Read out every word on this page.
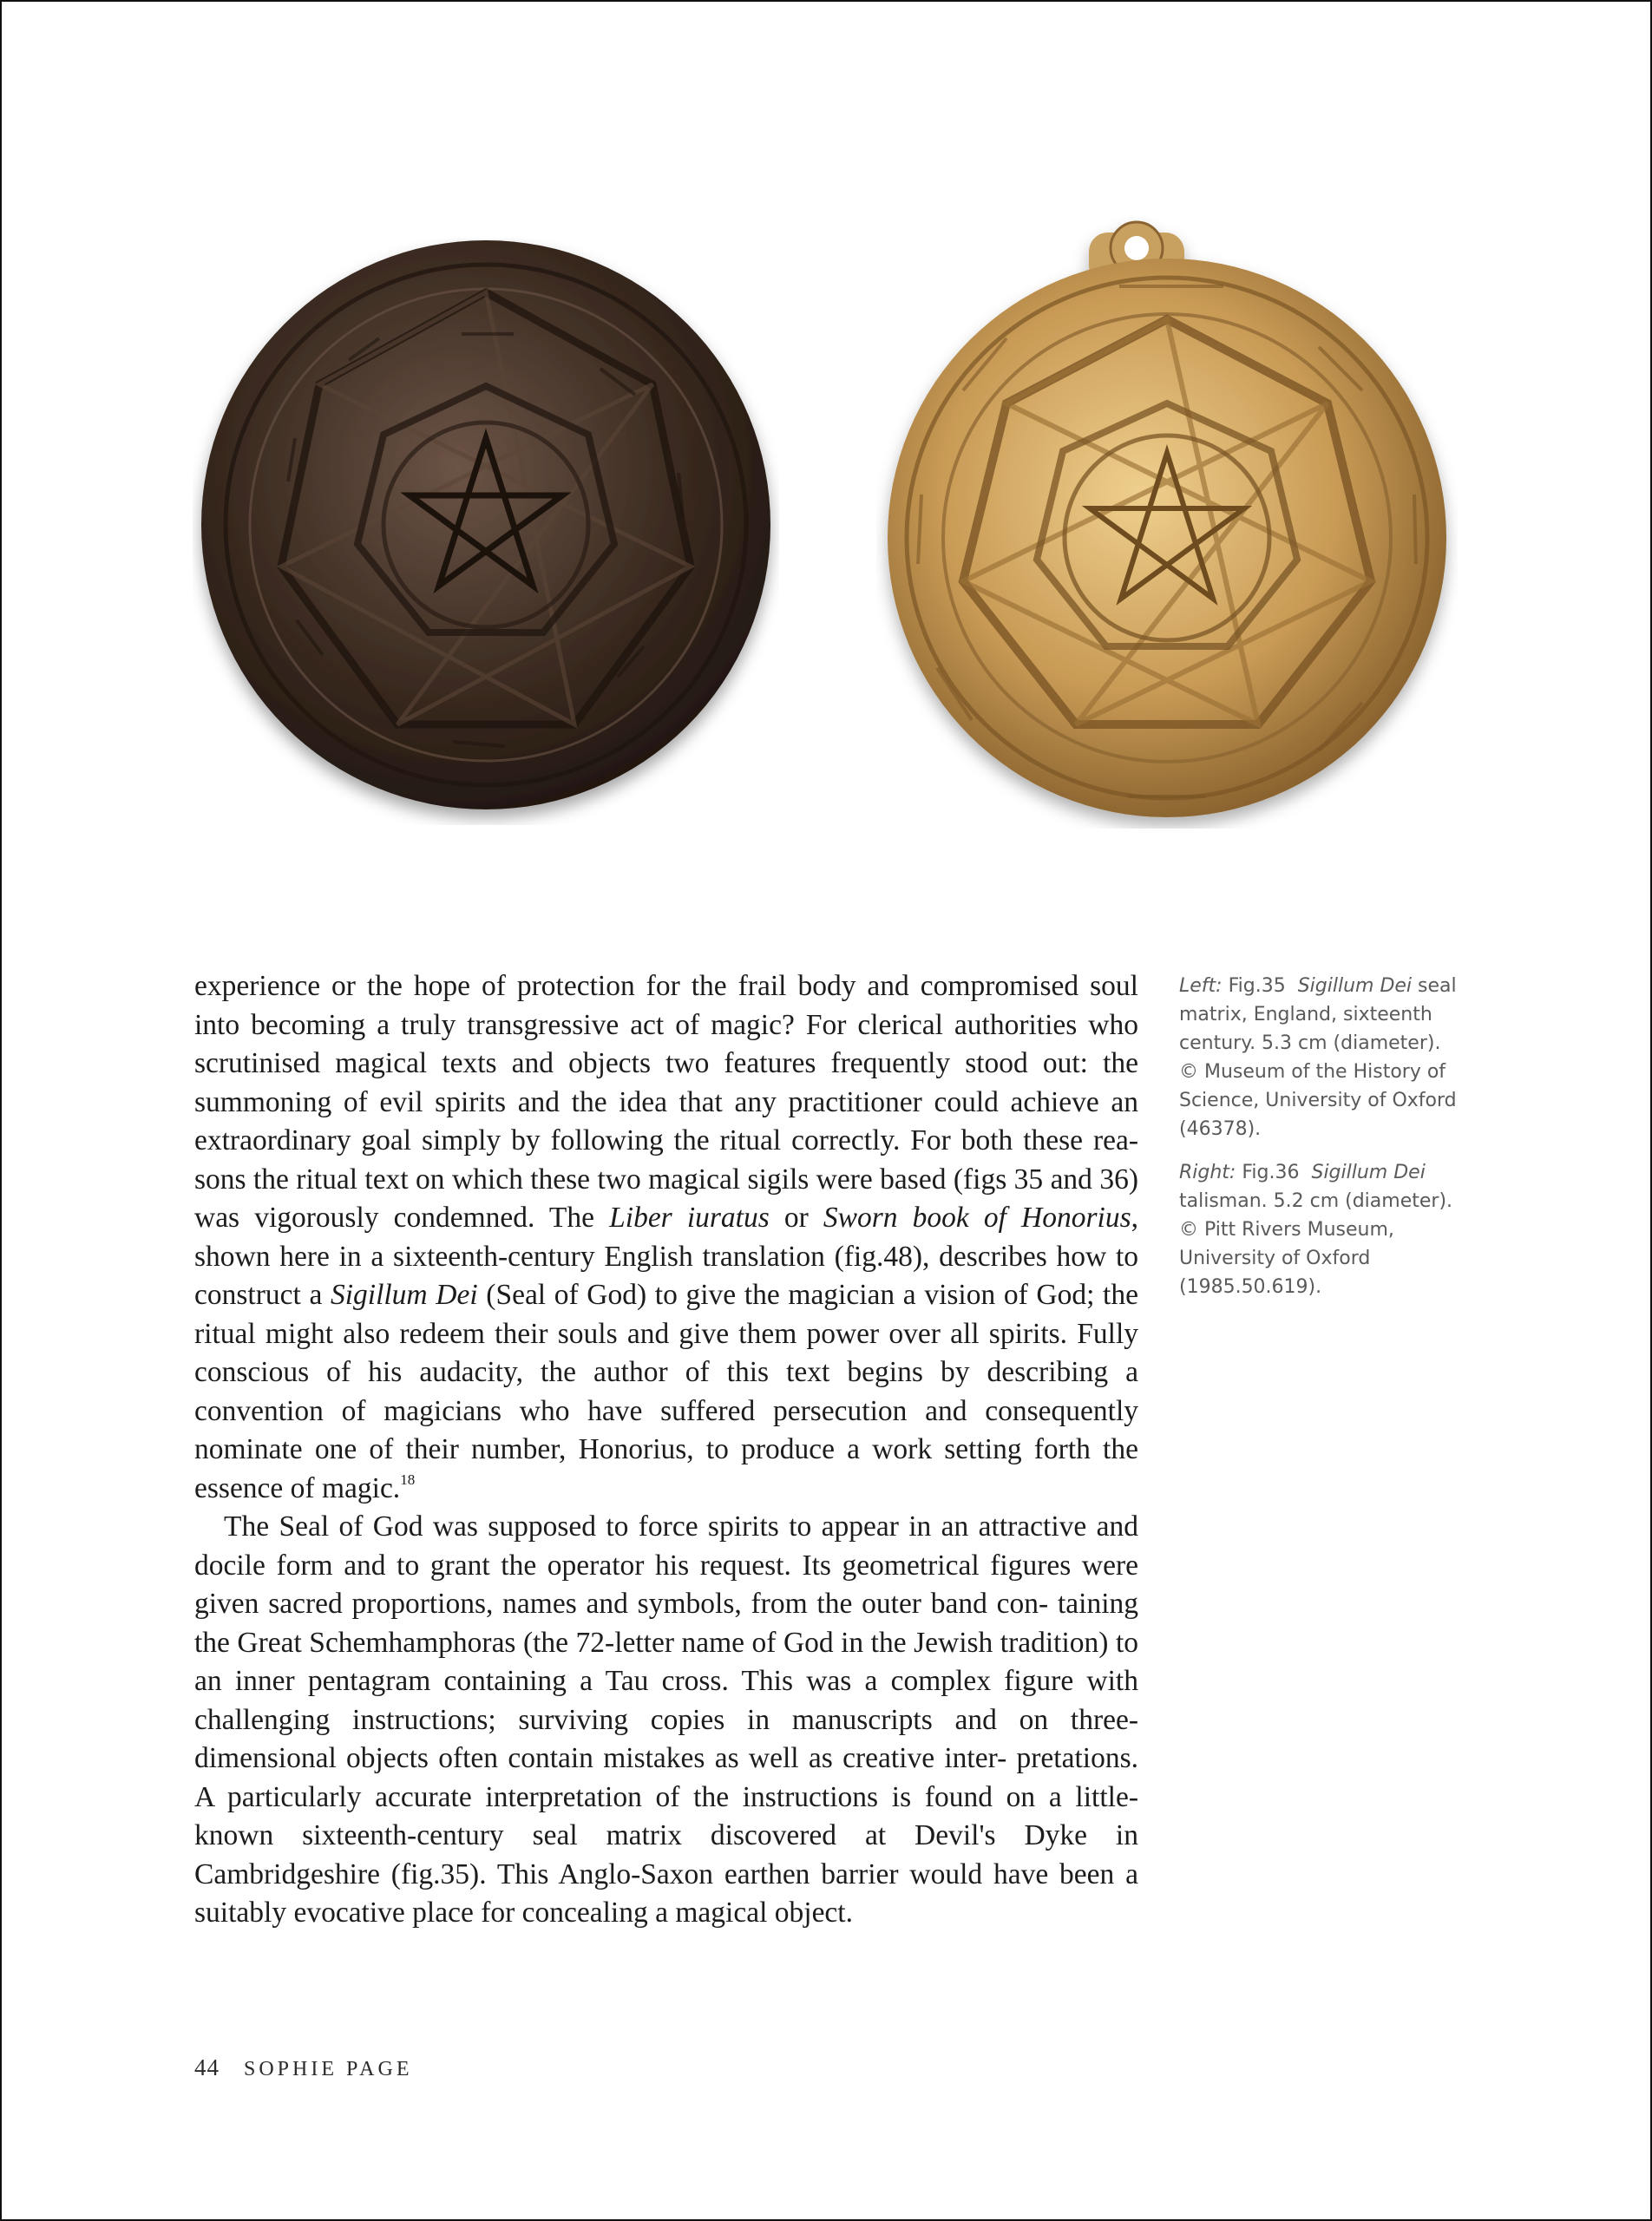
experience or the hope of protection for the frail body and compromised soul into becoming a truly transgressive act of magic? For clerical authorities who scrutinised magical texts and objects two features frequently stood out: the summoning of evil spirits and the idea that any practitioner could achieve an extraordinary goal simply by following the ritual correctly. For both these rea- sons the ritual text on which these two magical sigils were based (figs 35 and 36) was vigorously condemned. The Liber iuratus or Sworn book of Honorius, shown here in a sixteenth-century English translation (fig.48), describes how to construct a Sigillum Dei (Seal of God) to give the magician a vision of God; the ritual might also redeem their souls and give them power over all spirits. Fully conscious of his audacity, the author of this text begins by describing a convention of magicians who have suffered persecution and consequently nominate one of their number, Honorius, to produce a work setting forth the essence of magic.$^{18}$

The Seal of God was supposed to force spirits to appear in an attractive and docile form and to grant the operator his request. Its geometrical figures were given sacred proportions, names and symbols, from the outer band con- taining the Great Schemhamphoras (the 72-letter name of God in the Jewish tradition) to an inner pentagram containing a Tau cross. This was a complex figure with challenging instructions; surviving copies in manuscripts and on three-dimensional objects often contain mistakes as well as creative inter- pretations. A particularly accurate interpretation of the instructions is found on a little-known sixteenth-century seal matrix discovered at Devil's Dyke in Cambridgeshire (fig.35). This Anglo-Saxon earthen barrier would have been a suitably evocative place for concealing a magical object.

Left: Fig.35 Sigillum Dei seal matrix, England, sixteenth century. 5.3 cm (diameter). © Museum of the History of Science, University of Oxford (46378).

Right: Fig.36 Sigillum Dei talisman. 5.2 cm (diameter). © Pitt Rivers Museum, University of Oxford (1985.50.619).

44 SOPHIE PAGE
